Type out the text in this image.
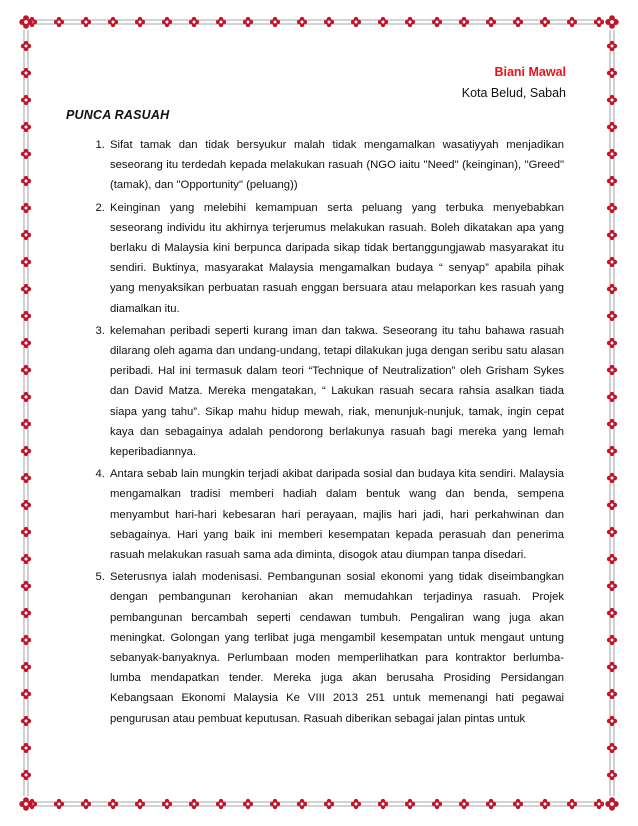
Biani Mawal
Kota Belud, Sabah
PUNCA RASUAH
1. Sifat tamak dan tidak bersyukur malah tidak mengamalkan wasatiyyah menjadikan seseorang itu terdedah kepada melakukan rasuah (NGO iaitu "Need" (keinginan), "Greed" (tamak), dan "Opportunity" (peluang))
2. Keinginan yang melebihi kemampuan serta peluang yang terbuka menyebabkan seseorang individu itu akhirnya terjerumus melakukan rasuah. Boleh dikatakan apa yang berlaku di Malaysia kini berpunca daripada sikap tidak bertanggungjawab masyarakat itu sendiri. Buktinya, masyarakat Malaysia mengamalkan budaya “ senyap” apabila pihak yang menyaksikan perbuatan rasuah enggan bersuara atau melaporkan kes rasuah yang diamalkan itu.
3. kelemahan peribadi seperti kurang iman dan takwa. Seseorang itu tahu bahawa rasuah dilarang oleh agama dan undang-undang, tetapi dilakukan juga dengan seribu satu alasan peribadi. Hal ini termasuk dalam teori “Technique of Neutralization” oleh Grisham Sykes dan David Matza. Mereka mengatakan, “ Lakukan rasuah secara rahsia asalkan tiada siapa yang tahu”. Sikap mahu hidup mewah, riak, menunjuk-nunjuk, tamak, ingin cepat kaya dan sebagainya adalah pendorong berlakunya rasuah bagi mereka yang lemah keperibadiannya.
4. Antara sebab lain mungkin terjadi akibat daripada sosial dan budaya kita sendiri. Malaysia mengamalkan tradisi memberi hadiah dalam bentuk wang dan benda, sempena menyambut hari-hari kebesaran hari perayaan, majlis hari jadi, hari perkahwinan dan sebagainya. Hari yang baik ini memberi kesempatan kepada perasuah dan penerima rasuah melakukan rasuah sama ada diminta, disogok atau diumpan tanpa disedari.
5. Seterusnya ialah modenisasi. Pembangunan sosial ekonomi yang tidak diseimbangkan dengan pembangunan kerohanian akan memudahkan terjadinya rasuah. Projek pembangunan bercambah seperti cendawan tumbuh. Pengaliran wang juga akan meningkat. Golongan yang terlibat juga mengambil kesempatan untuk mengaut untung sebanyak-banyaknya. Perlumbaan moden memperlihatkan para kontraktor berlumba-lumba mendapatkan tender. Mereka juga akan berusaha Prosiding Persidangan Kebangsaan Ekonomi Malaysia Ke VIII 2013 251 untuk memenangi hati pegawai pengurusan atau pembuat keputusan. Rasuah diberikan sebagai jalan pintas untuk
